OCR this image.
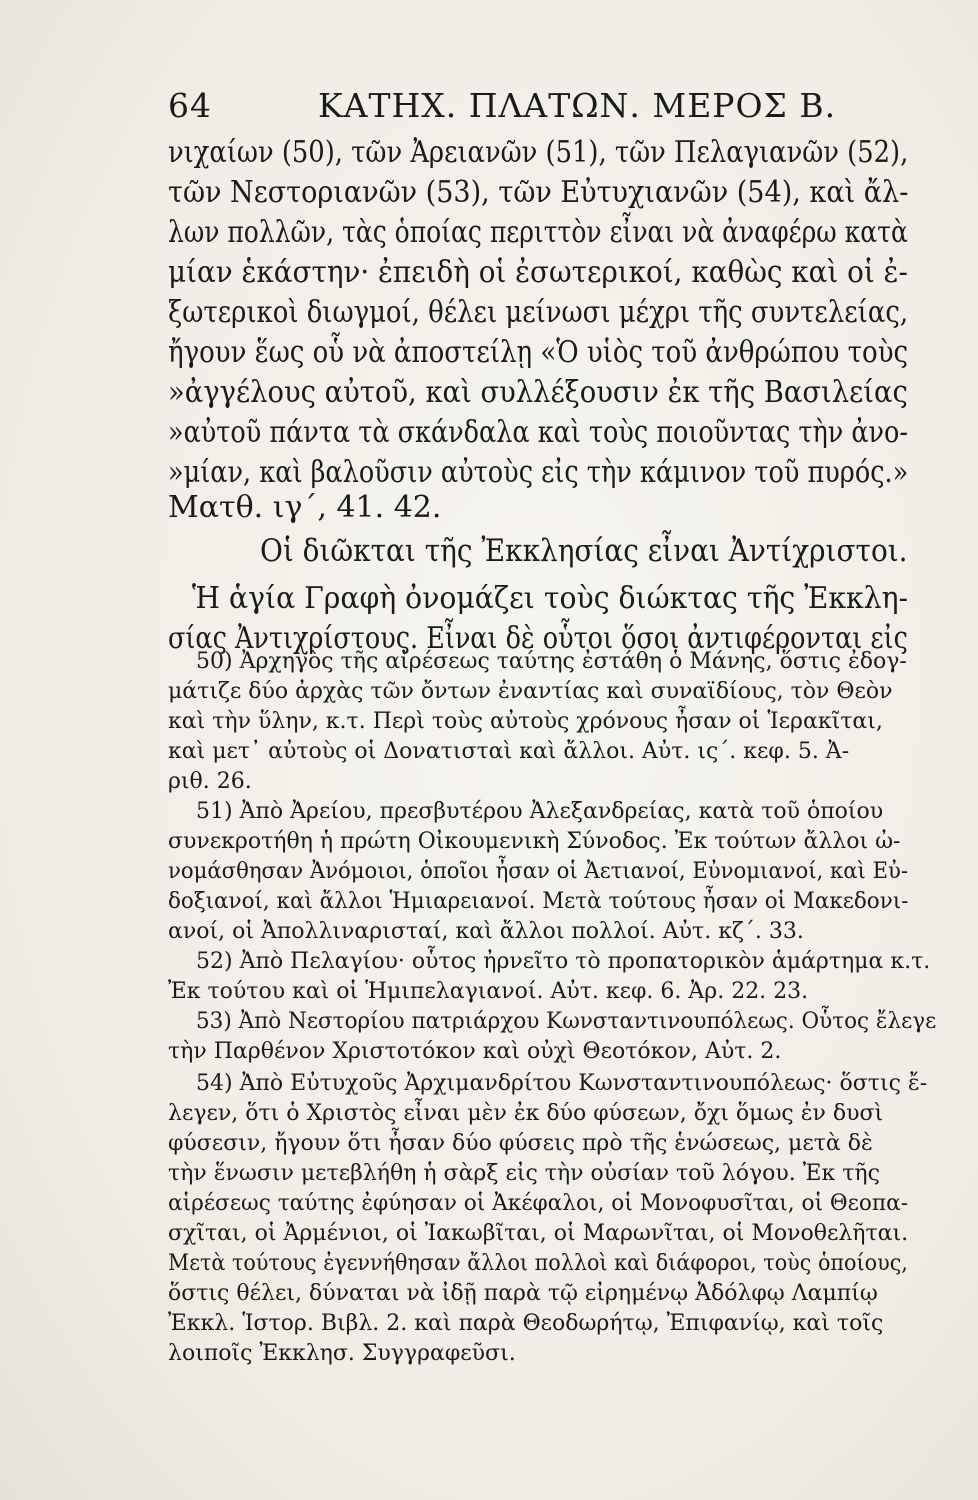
64	ΚΑΤΗΧ. ΠΛΑΤΩΝ. ΜΕΡΟΣ Β.
νιχαίων (50), τῶν Ἀρειανῶν (51), τῶν Πελαγιανῶν (52),
τῶν Νεστοριανῶν (53), τῶν Εὐτυχιανῶν (54), καὶ ἄλ-
λων πολλῶν, τὰς ὁποίας περιττὸν εἶναι νὰ ἀναφέρω κατὰ
μίαν ἑκάστην· ἐπειδὴ οἱ ἐσωτερικοί, καθὼς καὶ οἱ ἐ-
ξωτερικοὶ διωγμοί, θέλει μείνωσι μέχρι τῆς συντελείας,
ἤγουν ἕως οὗ νὰ ἀποστείλῃ «Ὁ υἱὸς τοῦ ἀνθρώπου τοὺς
»ἀγγέλους αὐτοῦ, καὶ συλλέξουσιν ἐκ τῆς Βασιλείας
»αὐτοῦ πάντα τὰ σκάνδαλα καὶ τοὺς ποιοῦντας τὴν ἀνο-
»μίαν, καὶ βαλοῦσιν αὐτοὺς εἰς τὴν κάμινον τοῦ πυρός.»
Ματθ. ιγ´, 41. 42.
Οἱ διῶκται τῆς Ἐκκλησίας εἶναι Ἀντίχριστοι.
Ἡ ἁγία Γραφὴ ὀνομάζει τοὺς διώκτας τῆς Ἐκκλη-
σίας Ἀντιχρίστους. Εἶναι δὲ οὗτοι ὅσοι ἀντιφέρονται εἰς
50) Ἀρχηγὸς τῆς αἱρέσεως ταύτης ἐστάθη ὁ Μάνης, ὅστις ἐδογ-
μάτιζε δύο ἀρχὰς τῶν ὄντων ἐναντίας καὶ συναϊδίους, τὸν Θεὸν
καὶ τὴν ὕλην, κ.τ. Περὶ τοὺς αὐτοὺς χρόνους ἦσαν οἱ Ἱερακῖται,
καὶ μετ᾽ αὐτοὺς οἱ Δονατισταὶ καὶ ἄλλοι. Αὐτ. ις´. κεφ. 5. Ἀ-
ριθ. 26.
51) Ἀπὸ Ἀρείου, πρεσβυτέρου Ἀλεξανδρείας, κατὰ τοῦ ὁποίου
συνεκροτήθη ἡ πρώτη Οἰκουμενικὴ Σύνοδος. Ἐκ τούτων ἄλλοι ὠ-
νομάσθησαν Ἀνόμοιοι, ὁποῖοι ἦσαν οἱ Ἀετιανοί, Εὐνομιανοί, καὶ Εὐ-
δοξιανοί, καὶ ἄλλοι Ἡμιαρειανοί. Μετὰ τούτους ἦσαν οἱ Μακεδονι-
ανοί, οἱ Ἀπολλιναρισταί, καὶ ἄλλοι πολλοί. Αὐτ. κζ´. 33.
52) Ἀπὸ Πελαγίου· οὗτος ἠρνεῖτο τὸ προπατορικὸν ἁμάρτημα κ.τ.
Ἐκ τούτου καὶ οἱ Ἡμιπελαγιανοί. Αὐτ. κεφ. 6. Ἀρ. 22. 23.
53) Ἀπὸ Νεστορίου πατριάρχου Κωνσταντινουπόλεως. Οὗτος ἔλεγε
τὴν Παρθένον Χριστοτόκον καὶ οὐχὶ Θεοτόκον, Αὐτ. 2.
54) Ἀπὸ Εὐτυχοῦς Ἀρχιμανδρίτου Κωνσταντινουπόλεως· ὅστις ἔ-
λεγεν, ὅτι ὁ Χριστὸς εἶναι μὲν ἐκ δύο φύσεων, ὄχι ὅμως ἐν δυσὶ
φύσεσιν, ἤγουν ὅτι ἦσαν δύο φύσεις πρὸ τῆς ἑνώσεως, μετὰ δὲ
τὴν ἕνωσιν μετεβλήθη ἡ σὰρξ εἰς τὴν οὐσίαν τοῦ λόγου. Ἐκ τῆς
αἱρέσεως ταύτης ἐφύησαν οἱ Ἀκέφαλοι, οἱ Μονοφυσῖται, οἱ Θεοπα-
σχῖται, οἱ Ἀρμένιοι, οἱ Ἰακωβῖται, οἱ Μαρωνῖται, οἱ Μονοθελῆται.
Μετὰ τούτους ἐγεννήθησαν ἄλλοι πολλοὶ καὶ διάφοροι, τοὺς ὁποίους,
ὅστις θέλει, δύναται νὰ ἰδῇ παρὰ τῷ εἰρημένῳ Ἀδόλφῳ Λαμπίῳ
Ἐκκλ. Ἱστορ. Βιβλ. 2. καὶ παρὰ Θεοδωρήτῳ, Ἐπιφανίῳ, καὶ τοῖς
λοιποῖς Ἐκκλησ. Συγγραφεῦσι.
